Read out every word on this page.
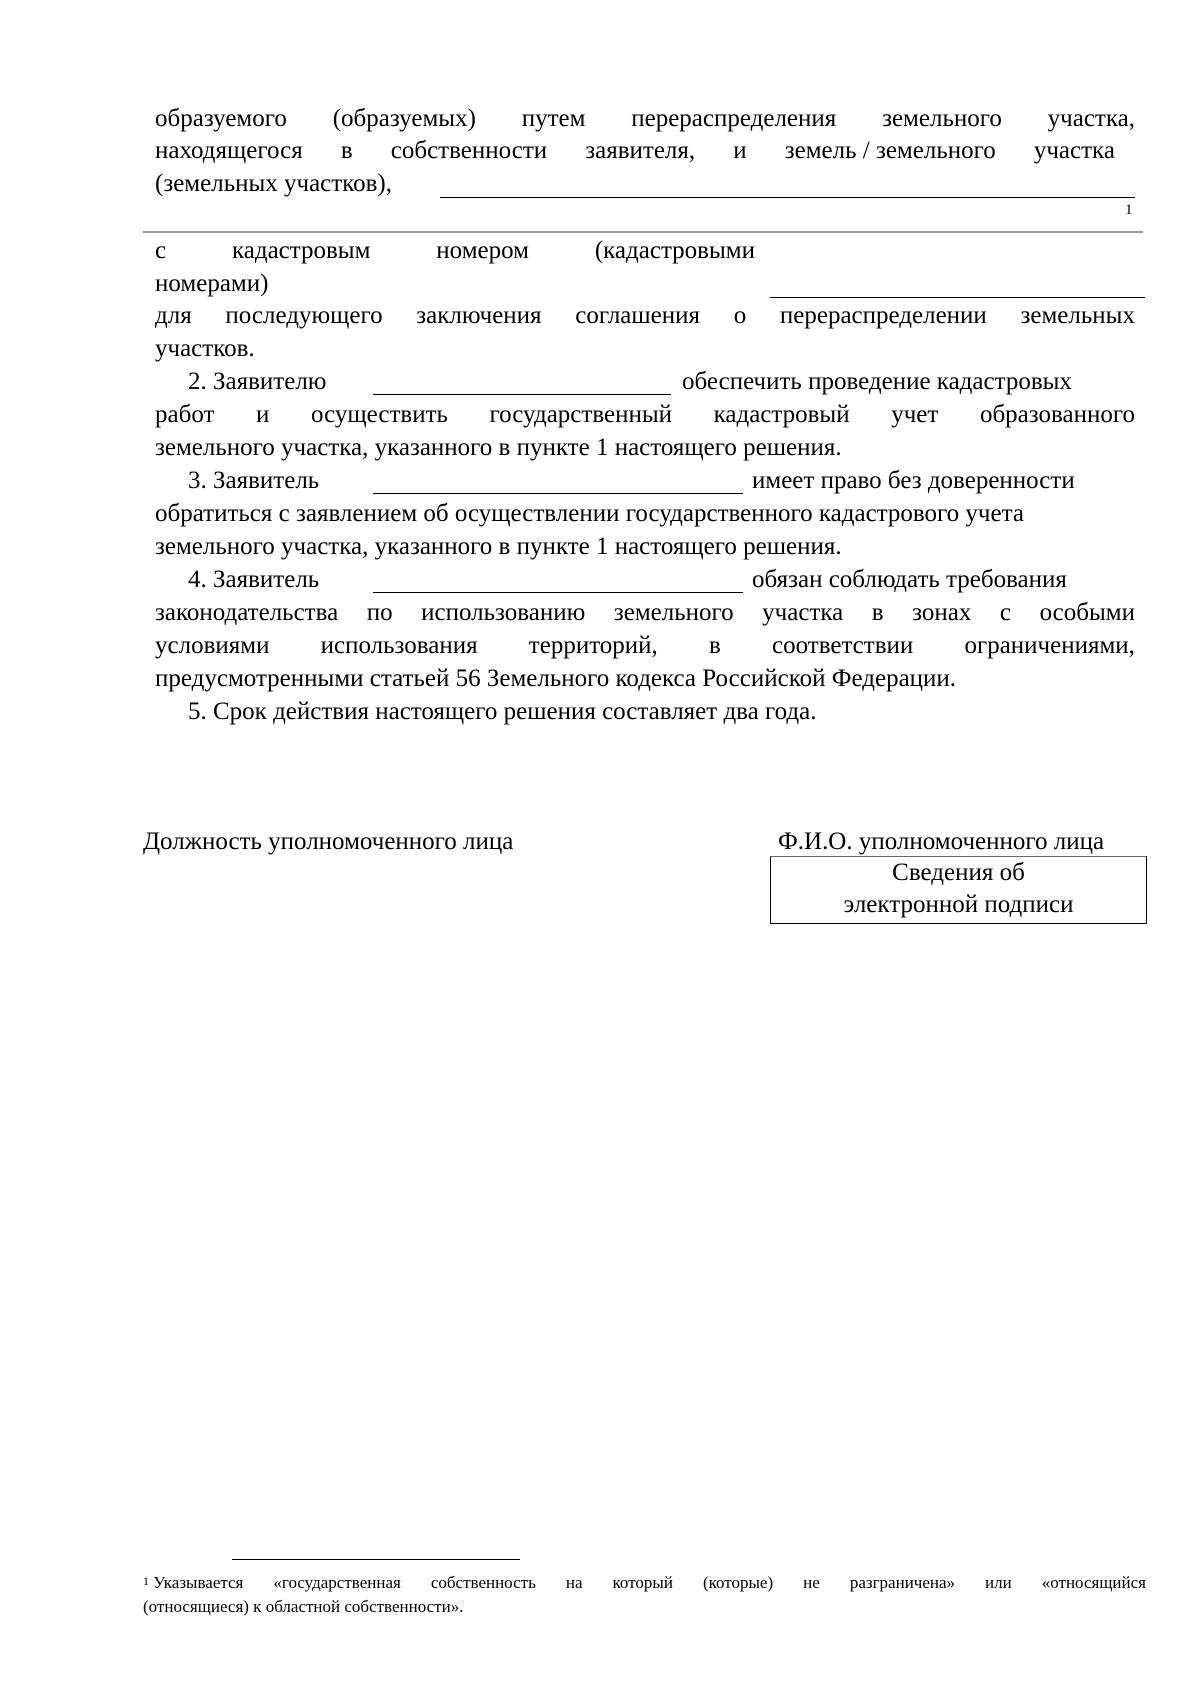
образуемого (образуемых) путем перераспределения земельного участка,
находящегося в собственности заявителя, и земель / земельного участка
(земельных участков),
1
с	кадастровым	номером	(кадастровыми
номерами)
для последующего заключения соглашения о перераспределении земельных
участков.
2. Заявителю	обеспечить проведение кадастровых
работ и осуществить государственный кадастровый учет образованного
земельного участка, указанного в пункте 1 настоящего решения.
3. Заявитель	имеет право без доверенности
обратиться с заявлением об осуществлении государственного кадастрового учета
земельного участка, указанного в пункте 1 настоящего решения.
4. Заявитель	обязан соблюдать требования
законодательства по использованию земельного участка в зонах с особыми
условиями использования территорий, в соответствии ограничениями,
предусмотренными статьей 56 Земельного кодекса Российской Федерации.
5. Срок действия настоящего решения составляет два года.
Должность уполномоченного лица	Ф.И.О. уполномоченного лица
Сведения об
электронной подписи
$^1$ Указывается «государственная собственность на который (которые) не разграничена» или «относящийся
(относящиеся) к областной собственности».
